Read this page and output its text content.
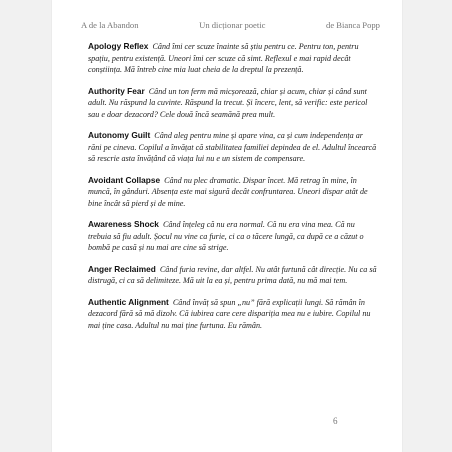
A de la Abandon	Un dicționar poetic	de Bianca Popp

Apology Reflex Când îmi cer scuze înainte să știu pentru ce. Pentru ton, pentru spațiu, pentru existență. Uneori îmi cer scuze că simt. Reflexul e mai rapid decât conștiința. Mă întreb cine mia luat cheia de la dreptul la prezență.

Authority Fear Când un ton ferm mă micșorează, chiar și acum, chiar și când sunt adult. Nu răspund la cuvinte. Răspund la trecut. Și încerc, lent, să verific: este pericol sau e doar dezacord? Cele două încă seamănă prea mult.

Autonomy Guilt Când aleg pentru mine și apare vina, ca și cum independența ar răni pe cineva. Copilul a învățat că stabilitatea familiei depindea de el. Adultul încearcă să rescrie asta învățând că viața lui nu e un sistem de compensare.

Avoidant Collapse Când nu plec dramatic. Dispar încet. Mă retrag în mine, în muncă, în gânduri. Absența este mai sigură decât confruntarea. Uneori dispar atât de bine încât să pierd și de mine.

Awareness Shock Când înțeleg că nu era normal. Că nu era vina mea. Că nu trebuia să fiu adult. Șocul nu vine ca furie, ci ca o tăcere lungă, ca după ce a căzut o bombă pe casă și nu mai are cine să strige.

Anger Reclaimed Când furia revine, dar altfel. Nu atât furtună cât direcție. Nu ca să distrugă, ci ca să delimiteze. Mă uit la ea și, pentru prima dată, nu mă mai tem.

Authentic Alignment Când învăț să spun „nu” fără explicații lungi. Să rămân în dezacord fără să mă dizolv. Că iubirea care cere dispariția mea nu e iubire. Copilul nu mai ține casa. Adultul nu mai ține furtuna. Eu rămân.

6
